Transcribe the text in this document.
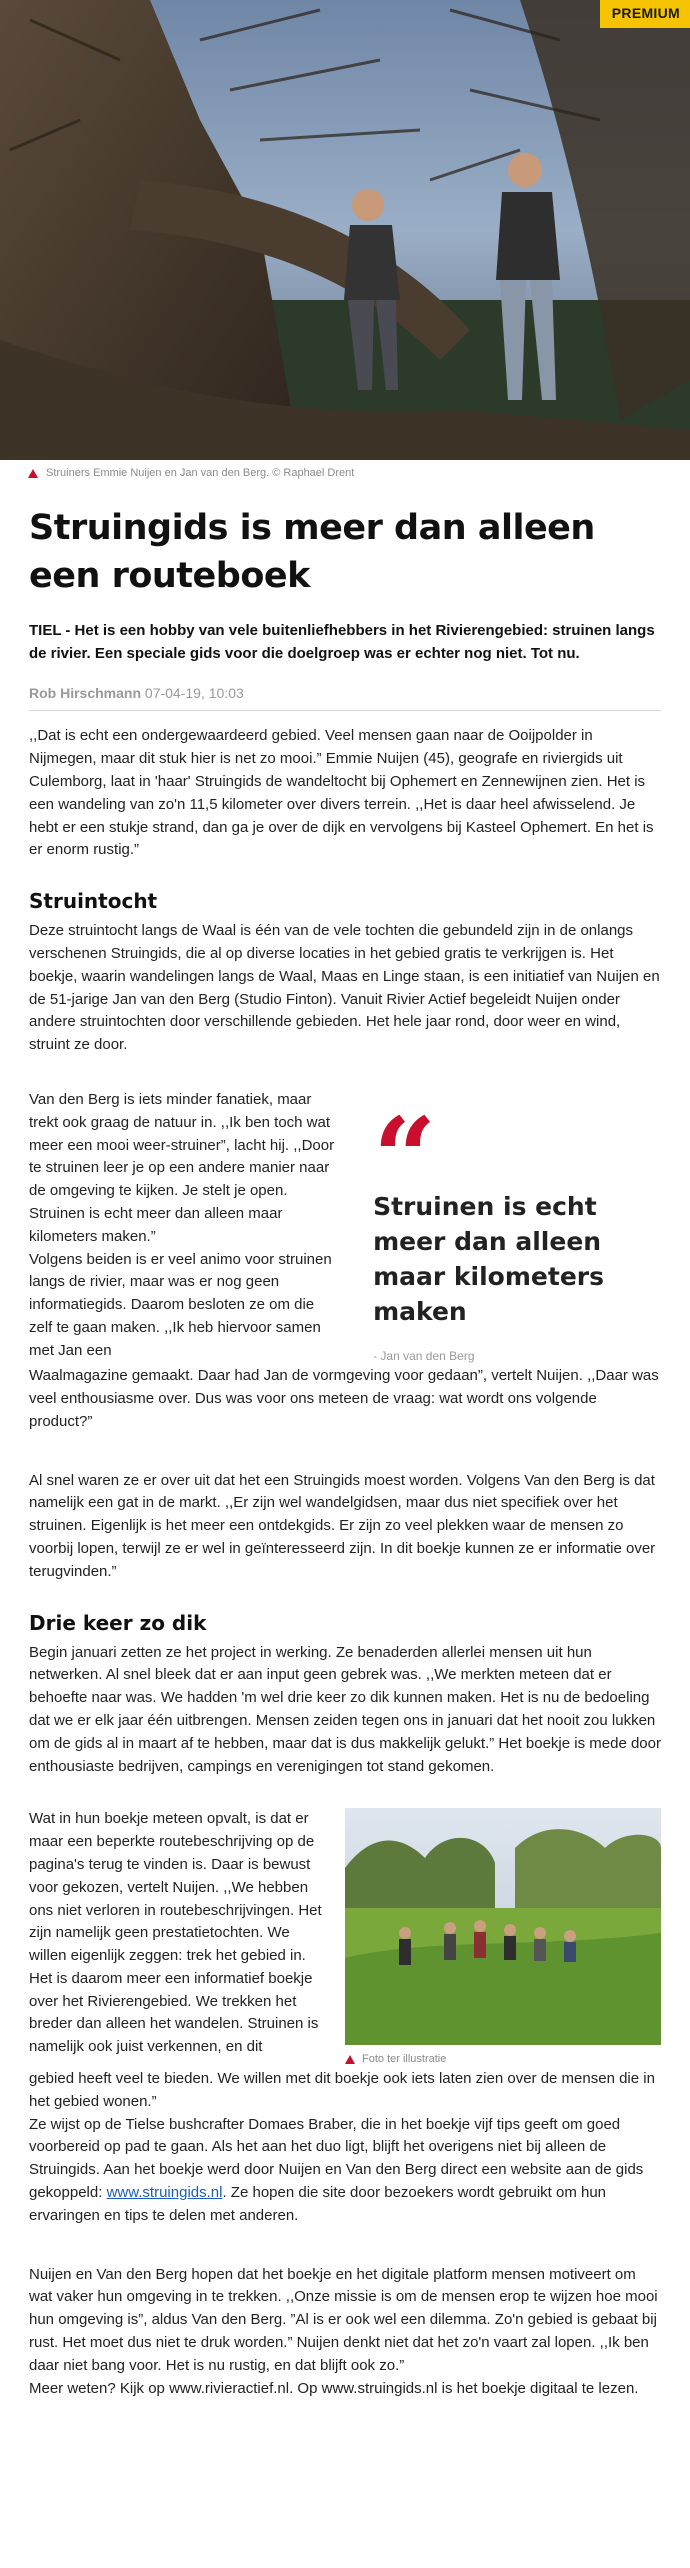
PREMIUM
Struiners Emmie Nuijen en Jan van den Berg. © Raphael Drent
Struingids is meer dan alleen een routeboek

TIEL - Het is een hobby van vele buitenliefhebbers in het Rivierengebied: struinen langs de rivier. Een speciale gids voor die doelgroep was er echter nog niet. Tot nu.

Rob Hirschmann 07-04-19, 10:03

,,Dat is echt een ondergewaardeerd gebied. Veel mensen gaan naar de Ooijpolder in Nijmegen, maar dit stuk hier is net zo mooi.” Emmie Nuijen (45), geografe en riviergids uit Culemborg, laat in 'haar' Struingids de wandeltocht bij Ophemert en Zennewijnen zien. Het is een wandeling van zo'n 11,5 kilometer over divers terrein. ,,Het is daar heel afwisselend. Je hebt er een stukje strand, dan ga je over de dijk en vervolgens bij Kasteel Ophemert. En het is er enorm rustig.”

Struintocht

Deze struintocht langs de Waal is één van de vele tochten die gebundeld zijn in de onlangs verschenen Struingids, die al op diverse locaties in het gebied gratis te verkrijgen is. Het boekje, waarin wandelingen langs de Waal, Maas en Linge staan, is een initiatief van Nuijen en de 51-jarige Jan van den Berg (Studio Finton). Vanuit Rivier Actief begeleidt Nuijen onder andere struintochten door verschillende gebieden. Het hele jaar rond, door weer en wind, struint ze door.

Van den Berg is iets minder fanatiek, maar trekt ook graag de natuur in. ,,Ik ben toch wat meer een mooi weer-struiner”, lacht hij. ,,Door te struinen leer je op een andere manier naar de omgeving te kijken. Je stelt je open. Struinen is echt meer dan alleen maar kilometers maken.”

Volgens beiden is er veel animo voor struinen langs de rivier, maar was er nog geen informatiegids. Daarom besloten ze om die zelf te gaan maken. ,,Ik heb hiervoor samen met Jan een

“
Struinen is echt meer dan alleen maar kilometers maken
- Jan van den Berg

Waalmagazine gemaakt. Daar had Jan de vormgeving voor gedaan”, vertelt Nuijen. ,,Daar was veel enthousiasme over. Dus was voor ons meteen de vraag: wat wordt ons volgende product?”

Al snel waren ze er over uit dat het een Struingids moest worden. Volgens Van den Berg is dat namelijk een gat in de markt. ,,Er zijn wel wandelgidsen, maar dus niet specifiek over het struinen. Eigenlijk is het meer een ontdekgids. Er zijn zo veel plekken waar de mensen zo voorbij lopen, terwijl ze er wel in geïnteresseerd zijn. In dit boekje kunnen ze er informatie over terugvinden.”

Drie keer zo dik

Begin januari zetten ze het project in werking. Ze benaderden allerlei mensen uit hun netwerken. Al snel bleek dat er aan input geen gebrek was. ,,We merkten meteen dat er behoefte naar was. We hadden 'm wel drie keer zo dik kunnen maken. Het is nu de bedoeling dat we er elk jaar één uitbrengen. Mensen zeiden tegen ons in januari dat het nooit zou lukken om de gids al in maart af te hebben, maar dat is dus makkelijk gelukt.” Het boekje is mede door enthousiaste bedrijven, campings en verenigingen tot stand gekomen.

Wat in hun boekje meteen opvalt, is dat er maar een beperkte routebeschrijving op de pagina's terug te vinden is. Daar is bewust voor gekozen, vertelt Nuijen. ,,We hebben ons niet verloren in routebeschrijvingen. Het zijn namelijk geen prestatietochten. We willen eigenlijk zeggen: trek het gebied in. Het is daarom meer een informatief boekje over het Rivierengebied. We trekken het breder dan alleen het wandelen. Struinen is namelijk ook juist verkennen, en dit

Foto ter illustratie

gebied heeft veel te bieden. We willen met dit boekje ook iets laten zien over de mensen die in het gebied wonen.”

Ze wijst op de Tielse bushcrafter Domaes Braber, die in het boekje vijf tips geeft om goed voorbereid op pad te gaan. Als het aan het duo ligt, blijft het overigens niet bij alleen de Struingids. Aan het boekje werd door Nuijen en Van den Berg direct een website aan de gids gekoppeld: www.struingids.nl. Ze hopen die site door bezoekers wordt gebruikt om hun ervaringen en tips te delen met anderen.

Nuijen en Van den Berg hopen dat het boekje en het digitale platform mensen motiveert om wat vaker hun omgeving in te trekken. ,,Onze missie is om de mensen erop te wijzen hoe mooi hun omgeving is”, aldus Van den Berg. ”Al is er ook wel een dilemma. Zo'n gebied is gebaat bij rust. Het moet dus niet te druk worden.” Nuijen denkt niet dat het zo'n vaart zal lopen. ,,Ik ben daar niet bang voor. Het is nu rustig, en dat blijft ook zo.”

Meer weten? Kijk op www.rivieractief.nl. Op www.struingids.nl is het boekje digitaal te lezen.
